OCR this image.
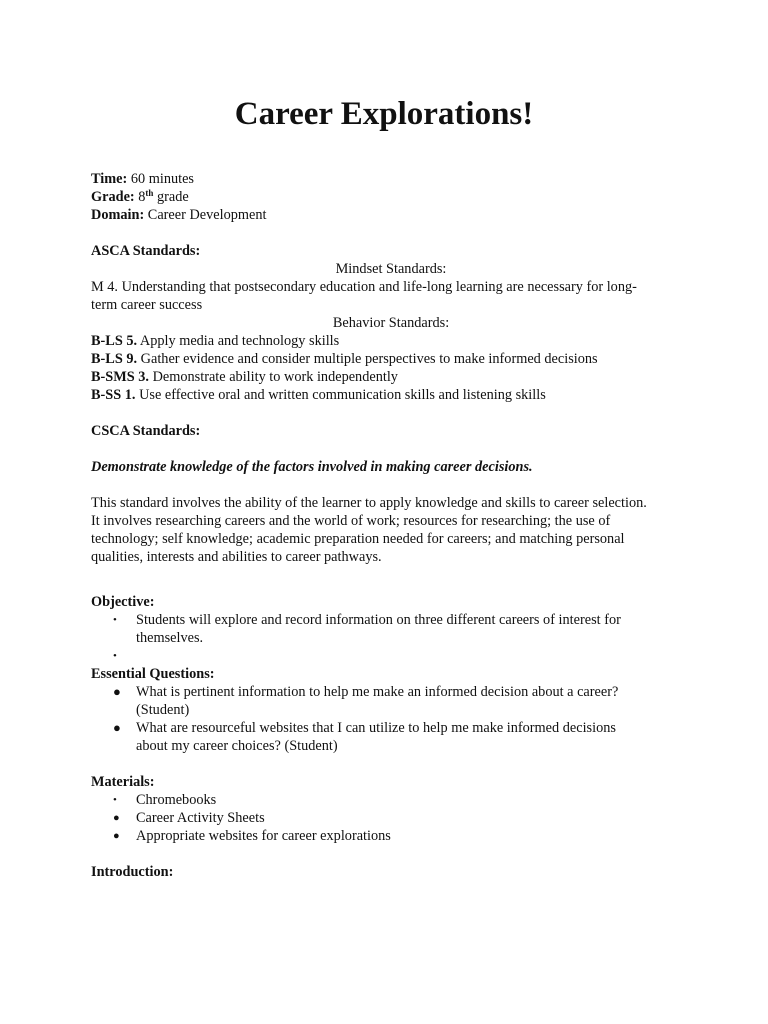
Career Explorations!

Time: 60 minutes

Grade: 8th grade

Domain: Career Development

ASCA Standards:

Mindset Standards:

M 4. Understanding that postsecondary education and life-long learning are necessary for long-

term career success

Behavior Standards:

B-LS 5. Apply media and technology skills

B-LS 9. Gather evidence and consider multiple perspectives to make informed decisions

B-SMS 3. Demonstrate ability to work independently

B-SS 1. Use effective oral and written communication skills and listening skills

CSCA Standards:

Demonstrate knowledge of the factors involved in making career decisions.

This standard involves the ability of the learner to apply knowledge and skills to career selection.

It involves researching careers and the world of work; resources for researching; the use of

technology; self knowledge; academic preparation needed for careers; and matching personal

qualities, interests and abilities to career pathways.

Objective:

• Students will explore and record information on three different careers of interest for
themselves.
•

Essential Questions:

● What is pertinent information to help me make an informed decision about a career?
(Student)
● What are resourceful websites that I can utilize to help me make informed decisions
about my career choices? (Student)

Materials:

• Chromebooks
● Career Activity Sheets
● Appropriate websites for career explorations

Introduction:
